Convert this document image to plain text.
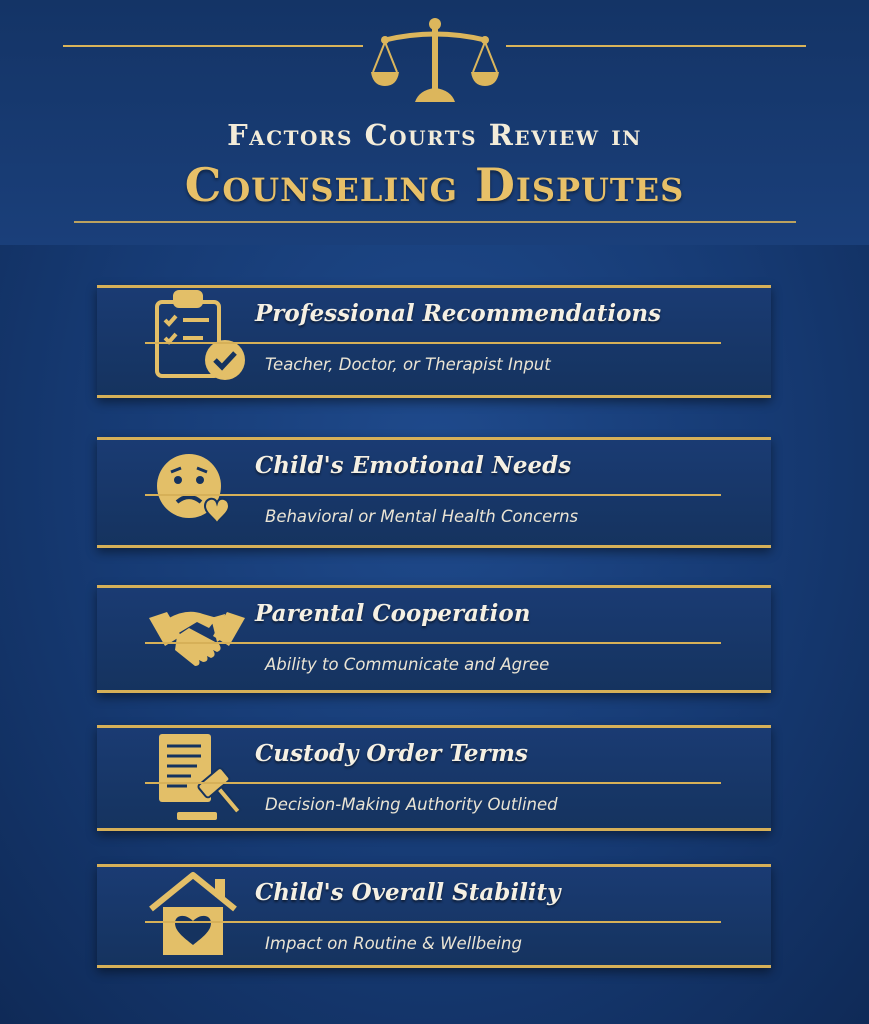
Factors Courts Review in
Counseling Disputes
Professional Recommendations
Teacher, Doctor, or Therapist Input
Child's Emotional Needs
Behavioral or Mental Health Concerns
Parental Cooperation
Ability to Communicate and Agree
Custody Order Terms
Decision-Making Authority Outlined
Child's Overall Stability
Impact on Routine & Wellbeing
